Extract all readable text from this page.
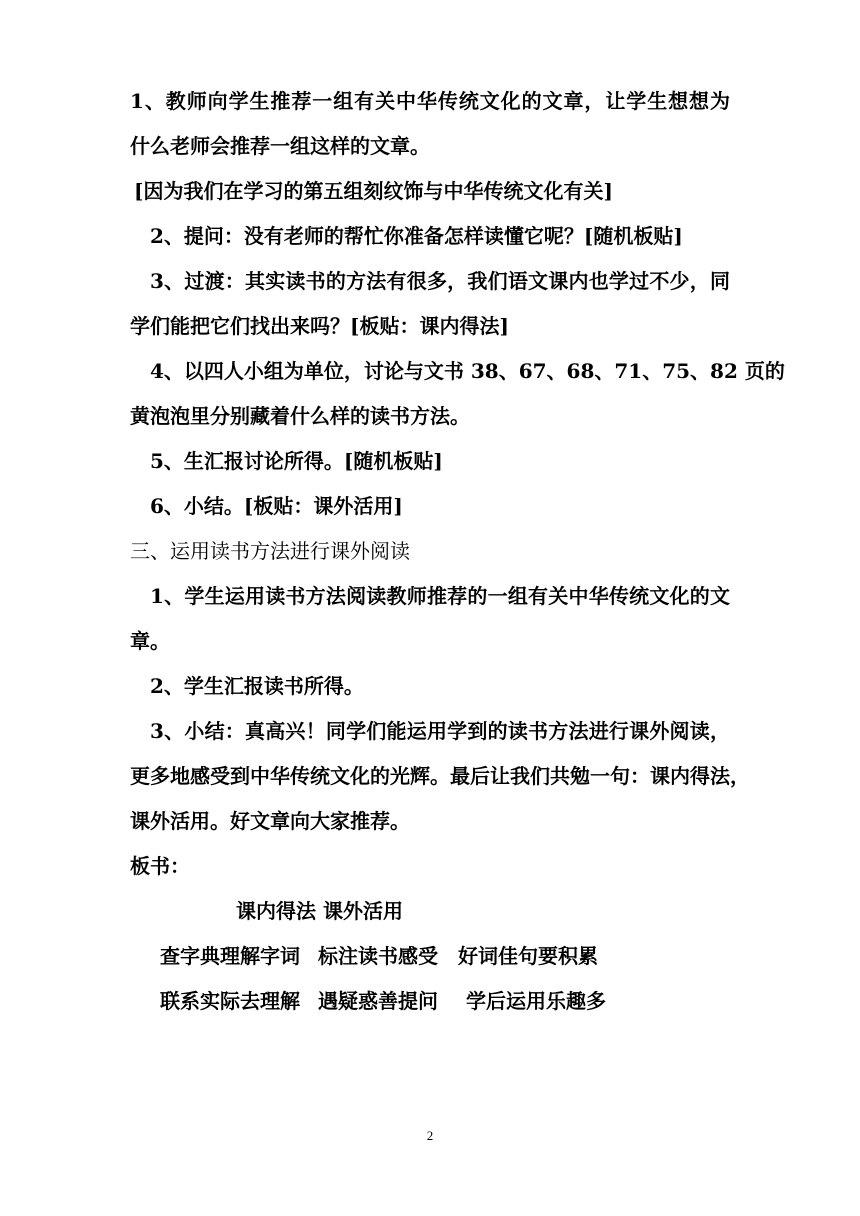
1、教师向学生推荐一组有关中华传统文化的文章，让学生想想为
什么老师会推荐一组这样的文章。
[因为我们在学习的第五组刻纹饰与中华传统文化有关]
2、提问：没有老师的帮忙你准备怎样读懂它呢？[随机板贴]
3、过渡：其实读书的方法有很多，我们语文课内也学过不少，同
学们能把它们找出来吗？[板贴：课内得法]
4、以四人小组为单位，讨论与文书 38、67、68、71、75、82 页的
黄泡泡里分别藏着什么样的读书方法。
5、生汇报讨论所得。[随机板贴]
6、小结。[板贴：课外活用]
三、运用读书方法进行课外阅读
1、学生运用读书方法阅读教师推荐的一组有关中华传统文化的文
章。
2、学生汇报读书所得。
3、小结：真高兴！同学们能运用学到的读书方法进行课外阅读，
更多地感受到中华传统文化的光辉。最后让我们共勉一句：课内得法，
课外活用。好文章向大家推荐。
板书：
课内得法 课外活用
查字典理解字词 标注读书感受 好词佳句要积累
联系实际去理解 遇疑惑善提问 学后运用乐趣多
2
